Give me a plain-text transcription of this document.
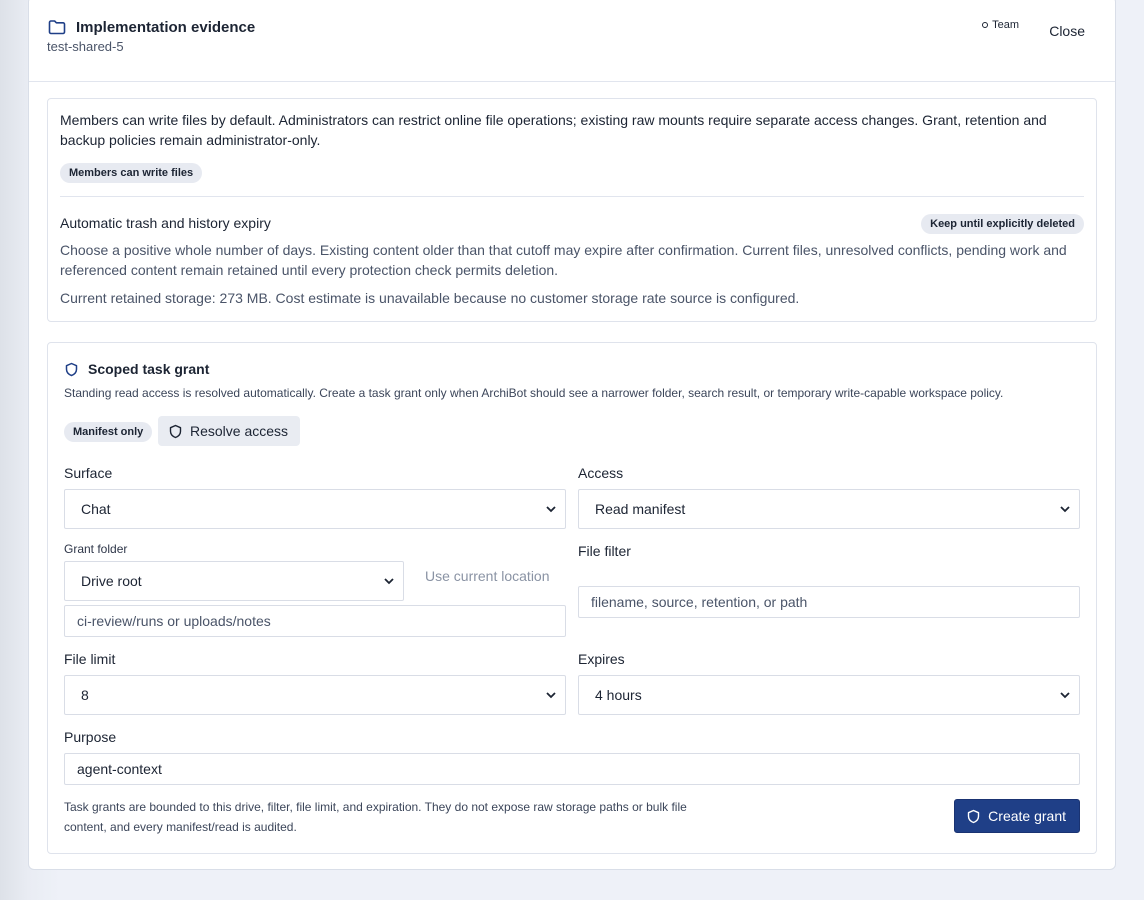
Implementation evidence
test-shared-5
Team Close
Members can write files by default. Administrators can restrict online file operations; existing raw mounts require separate access changes. Grant, retention and backup policies remain administrator-only.
Members can write files
Automatic trash and history expiry	Keep until explicitly deleted
Choose a positive whole number of days. Existing content older than that cutoff may expire after confirmation. Current files, unresolved conflicts, pending work and referenced content remain retained until every protection check permits deletion.
Current retained storage: 273 MB. Cost estimate is unavailable because no customer storage rate source is configured.
Scoped task grant
Standing read access is resolved automatically. Create a task grant only when ArchiBot should see a narrower folder, search result, or temporary write-capable workspace policy.
Manifest only	Resolve access
Surface
Chat
Access
Read manifest
Grant folder
Drive root	Use current location
ci-review/runs or uploads/notes
File filter
filename, source, retention, or path
File limit
8
Expires
4 hours
Purpose
agent-context
Task grants are bounded to this drive, filter, file limit, and expiration. They do not expose raw storage paths or bulk file content, and every manifest/read is audited.
Create grant
